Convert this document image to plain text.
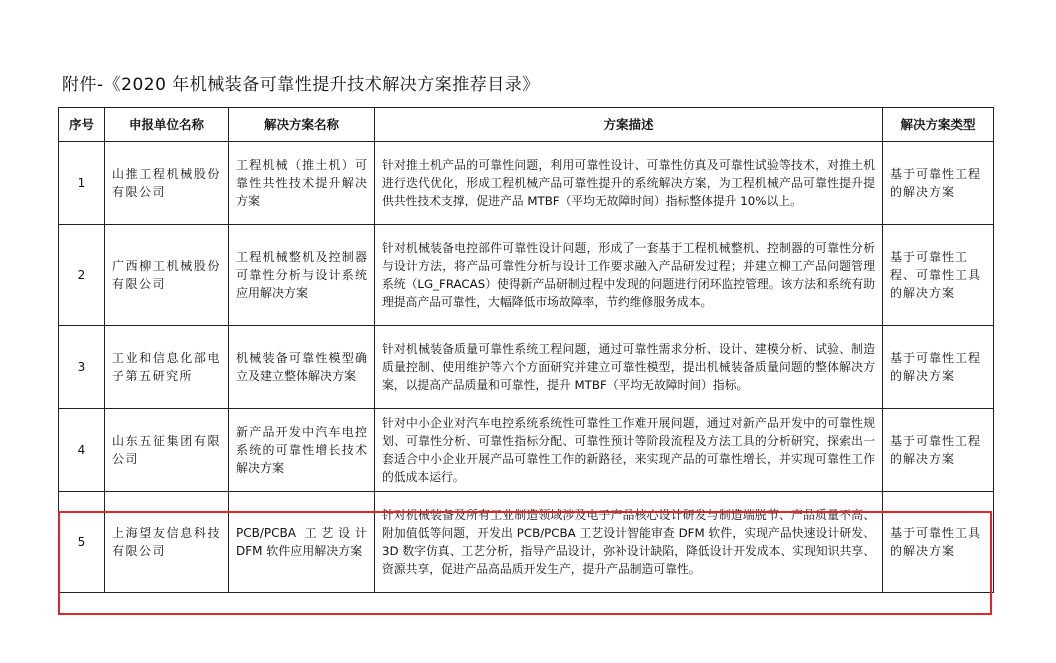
附件-《2020 年机械装备可靠性提升技术解决方案推荐目录》
序号	申报单位名称	解决方案名称	方案描述	解决方案类型
1	山推工程机械股份有限公司	工程机械（推土机）可靠性共性技术提升解决方案	针对推土机产品的可靠性问题，利用可靠性设计、可靠性仿真及可靠性试验等技术，对推土机进行迭代优化，形成工程机械产品可靠性提升的系统解决方案，为工程机械产品可靠性提升提供共性技术支撑，促进产品 MTBF（平均无故障时间）指标整体提升 10%以上。	基于可靠性工程的解决方案
2	广西柳工机械股份有限公司	工程机械整机及控制器可靠性分析与设计系统应用解决方案	针对机械装备电控部件可靠性设计问题，形成了一套基于工程机械整机、控制器的可靠性分析与设计方法，将产品可靠性分析与设计工作要求融入产品研发过程；并建立柳工产品问题管理系统（LG_FRACAS）使得新产品研制过程中发现的问题进行闭环监控管理。该方法和系统有助理提高产品可靠性，大幅降低市场故障率，节约维修服务成本。	基于可靠性工程、可靠性工具的解决方案
3	工业和信息化部电子第五研究所	机械装备可靠性模型确立及建立整体解决方案	针对机械装备质量可靠性系统工程问题，通过可靠性需求分析、设计、建模分析、试验、制造质量控制、使用维护等六个方面研究并建立可靠性模型，提出机械装备质量问题的整体解决方案，以提高产品质量和可靠性，提升 MTBF（平均无故障时间）指标。	基于可靠性工程的解决方案
4	山东五征集团有限公司	新产品开发中汽车电控系统的可靠性增长技术解决方案	针对中小企业对汽车电控系统系统性可靠性工作难开展问题，通过对新产品开发中的可靠性规划、可靠性分析、可靠性指标分配、可靠性预计等阶段流程及方法工具的分析研究，探索出一套适合中小企业开展产品可靠性工作的新路径，来实现产品的可靠性增长，并实现可靠性工作的低成本运行。	基于可靠性工程的解决方案
5	上海望友信息科技有限公司	PCB/PCBA 工艺设计 DFM 软件应用解决方案	针对机械装备及所有工业制造领域涉及电子产品核心设计研发与制造端脱节、产品质量不高、附加值低等问题，开发出 PCB/PCBA 工艺设计智能审查 DFM 软件，实现产品快速设计研发、3D 数字仿真、工艺分析，指导产品设计，弥补设计缺陷，降低设计开发成本、实现知识共享、资源共享，促进产品高品质开发生产，提升产品制造可靠性。	基于可靠性工具的解决方案
